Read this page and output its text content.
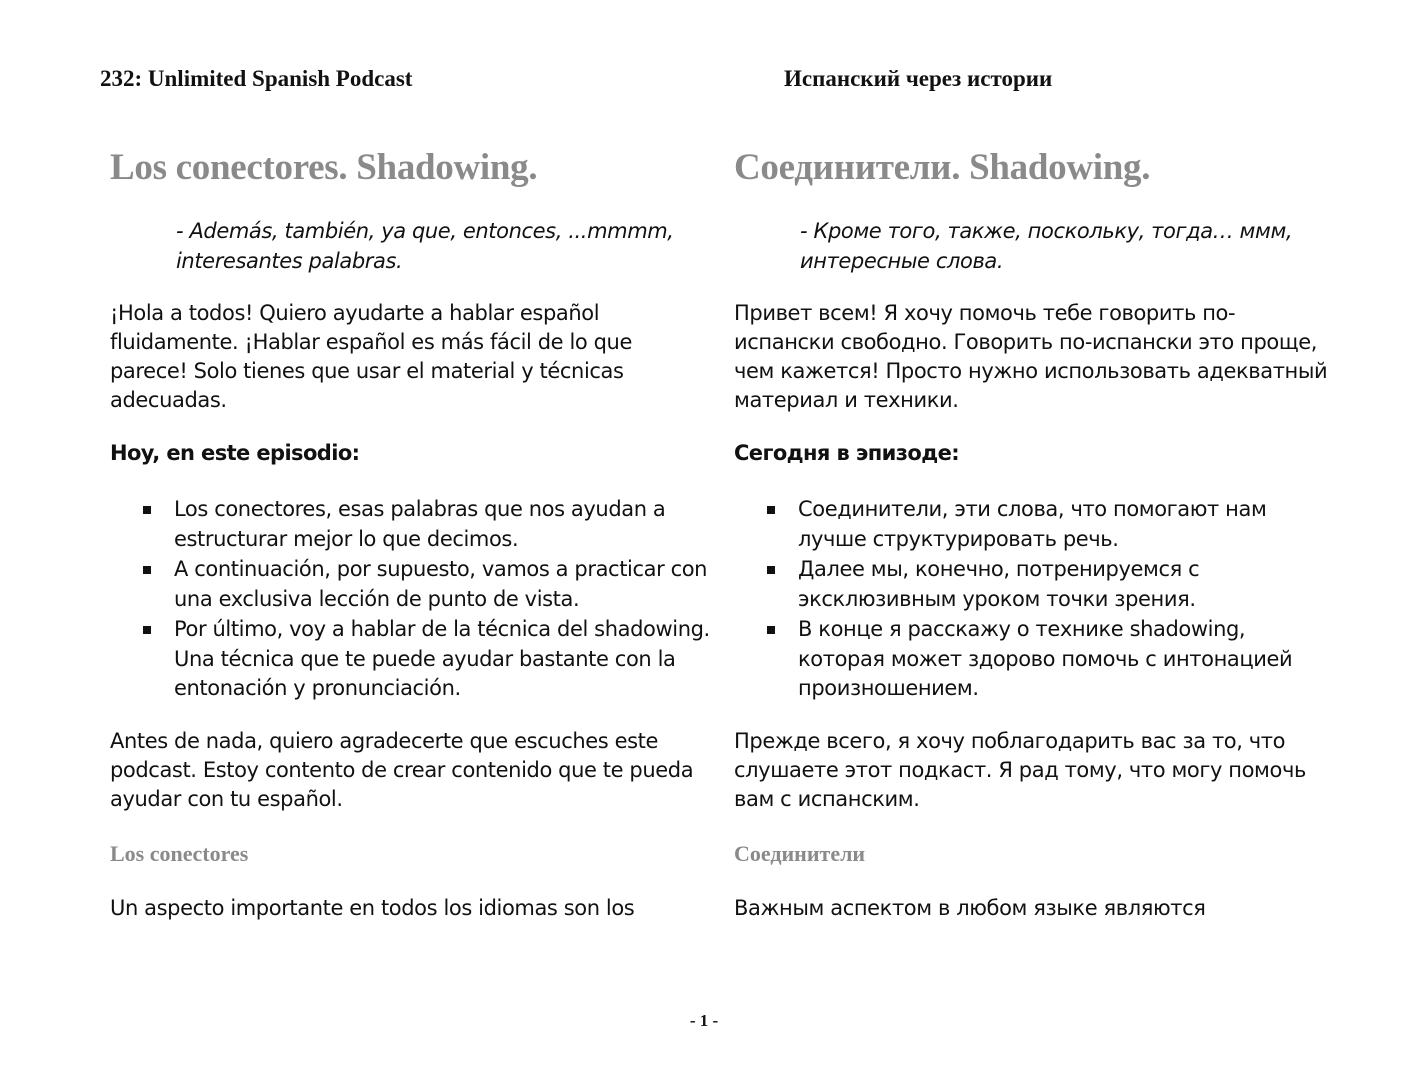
232: Unlimited Spanish Podcast	Испанский через истории
Los conectores. Shadowing.
- Además, también, ya que, entonces, ...mmmm, interesantes palabras.
¡Hola a todos! Quiero ayudarte a hablar español fluidamente. ¡Hablar español es más fácil de lo que parece! Solo tienes que usar el material y técnicas adecuadas.
Hoy, en este episodio:
Los conectores, esas palabras que nos ayudan a estructurar mejor lo que decimos.
A continuación, por supuesto, vamos a practicar con una exclusiva lección de punto de vista.
Por último, voy a hablar de la técnica del shadowing. Una técnica que te puede ayudar bastante con la entonación y pronunciación.
Antes de nada, quiero agradecerte que escuches este podcast. Estoy contento de crear contenido que te pueda ayudar con tu español.
Los conectores
Un aspecto importante en todos los idiomas son los
Соединители. Shadowing.
- Кроме того, также, поскольку, тогда… ммм, интересные слова.
Привет всем! Я хочу помочь тебе говорить по-испански свободно. Говорить по-испански это проще, чем кажется! Просто нужно использовать адекватный материал и техники.
Сегодня в эпизоде:
Соединители, эти слова, что помогают нам лучше структурировать речь.
Далее мы, конечно, потренируемся с эксклюзивным уроком точки зрения.
В конце я расскажу о технике shadowing, которая может здорово помочь с интонацией произношением.
Прежде всего, я хочу поблагодарить вас за то, что слушаете этот подкаст. Я рад тому, что могу помочь вам с испанским.
Соединители
Важным аспектом в любом языке являются
- 1 -
